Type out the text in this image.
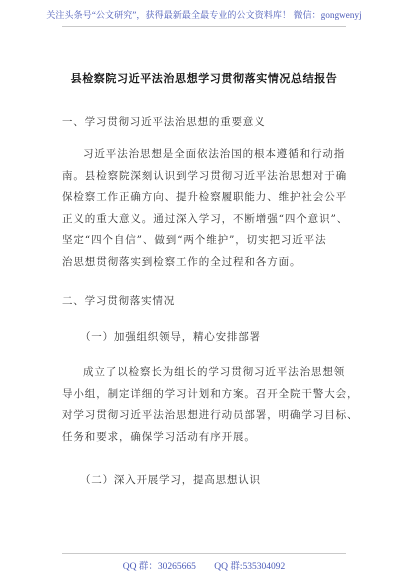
关注头条号“公文研究”，获得最新最全最专业的公文资料库！ 微信：gongwenyj
县检察院习近平法治思想学习贯彻落实情况总结报告
一、学习贯彻习近平法治思想的重要意义
习近平法治思想是全面依法治国的根本遵循和行动指
南。县检察院深刻认识到学习贯彻习近平法治思想对于确
保检察工作正确方向、提升检察履职能力、维护社会公平
正义的重大意义。通过深入学习，不断增强“四个意识”、
坚定“四个自信”、做到“两个维护”，切实把习近平法
治思想贯彻落实到检察工作的全过程和各方面。
二、学习贯彻落实情况
（一）加强组织领导，精心安排部署
成立了以检察长为组长的学习贯彻习近平法治思想领
导小组，制定详细的学习计划和方案。召开全院干警大会，
对学习贯彻习近平法治思想进行动员部署，明确学习目标、
任务和要求，确保学习活动有序开展。
（二）深入开展学习，提高思想认识
QQ 群：30265665 QQ 群:535304092
